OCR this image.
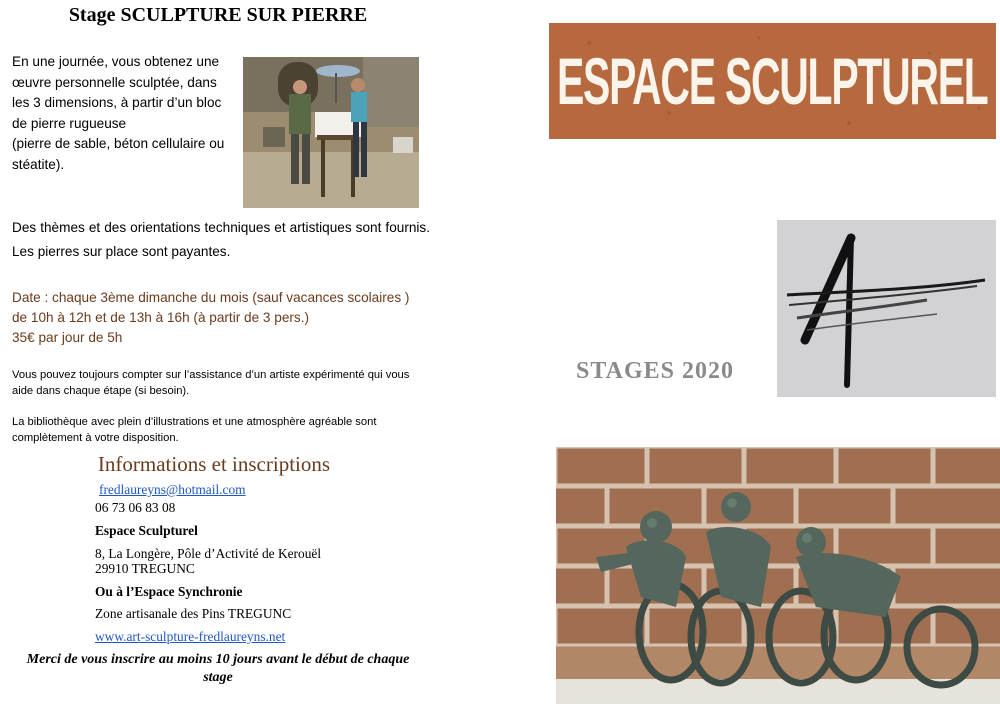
Stage SCULPTURE SUR PIERRE

En une journée, vous obtenez une œuvre personnelle sculptée, dans les 3 dimensions, à partir d’un bloc de pierre rugueuse

(pierre de sable, béton cellulaire ou stéatite).

Des thèmes et des orientations techniques et artistiques sont fournis. Les pierres sur place sont payantes.
Date : chaque 3ème dimanche du mois (sauf vacances scolaires )
de 10h à 12h et de 13h à 16h (à partir de 3 pers.)
35€ par jour de 5h
Vous pouvez toujours compter sur l’assistance d’un artiste expérimenté qui vous aide dans chaque étape (si besoin).
La bibliothèque avec plein d’illustrations et une atmosphère agréable sont complètement à votre disposition.
Informations et inscriptions
fredlaureyns@hotmail.com
06 73 06 83 08
Espace Sculpturel
8, La Longère, Pôle d’Activité de Kerouël
29910 TREGUNC
Ou à l’Espace Synchronie
Zone artisanale des Pins TREGUNC
www.art-sculpture-fredlaureyns.net
Merci de vous inscrire au moins 10 jours avant le début de chaque stage
ESPACE SCULPTUREL
STAGES 2020
